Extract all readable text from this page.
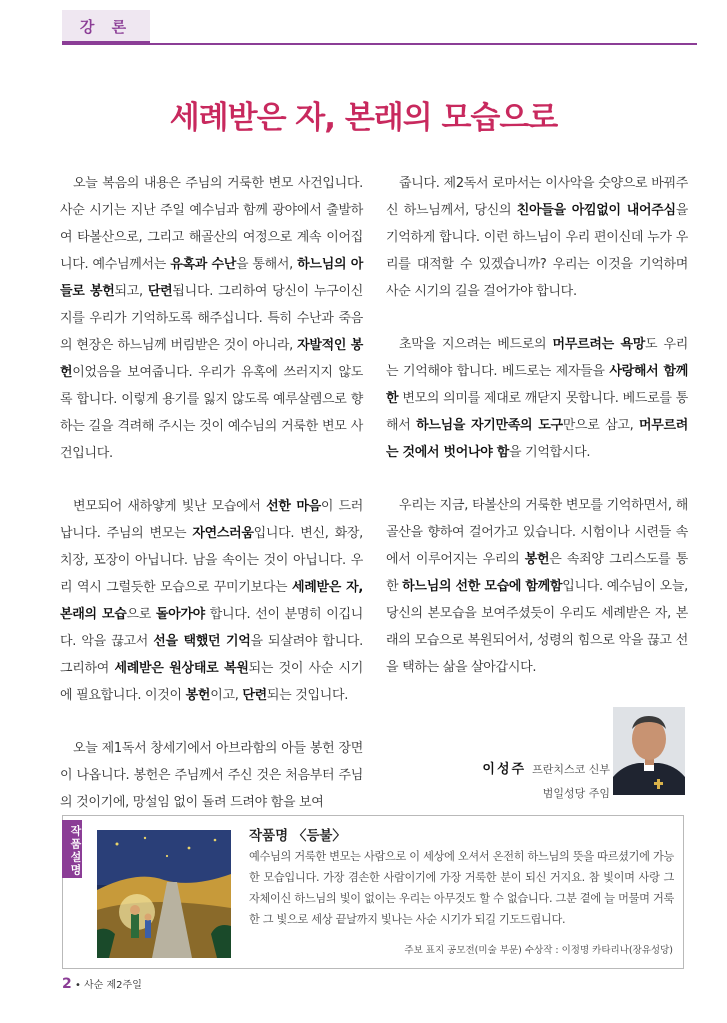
강 론
세례받은 자, 본래의 모습으로

오늘 복음의 내용은 주님의 거룩한 변모 사건입니다. 사순 시기는 지난 주일 예수님과 함께 광야에서 출발하여 타볼산으로, 그리고 해골산의 여정으로 계속 이어집니다. 예수님께서는 유혹과 수난을 통해서, 하느님의 아들로 봉헌되고, 단련됩니다. 그리하여 당신이 누구이신지를 우리가 기억하도록 해주십니다. 특히 수난과 죽음의 현장은 하느님께 버림받은 것이 아니라, 자발적인 봉헌이었음을 보여줍니다. 우리가 유혹에 쓰러지지 않도록 합니다. 이렇게 용기를 잃지 않도록 예루살렘으로 향하는 길을 격려해 주시는 것이 예수님의 거룩한 변모 사건입니다.

변모되어 새하얗게 빛난 모습에서 선한 마음이 드러납니다. 주님의 변모는 자연스러움입니다. 변신, 화장, 치장, 포장이 아닙니다. 남을 속이는 것이 아닙니다. 우리 역시 그럴듯한 모습으로 꾸미기보다는 세례받은 자, 본래의 모습으로 돌아가야 합니다. 선이 분명히 이깁니다. 악을 끊고서 선을 택했던 기억을 되살려야 합니다. 그리하여 세례받은 원상태로 복원되는 것이 사순 시기에 필요합니다. 이것이 봉헌이고, 단련되는 것입니다.

오늘 제1독서 창세기에서 아브라함의 아들 봉헌 장면이 나옵니다. 봉헌은 주님께서 주신 것은 처음부터 주님의 것이기에, 망설임 없이 돌려 드려야 함을 보여

줍니다. 제2독서 로마서는 이사악을 숫양으로 바꿔주신 하느님께서, 당신의 친아들을 아낌없이 내어주심을 기억하게 합니다. 이런 하느님이 우리 편이신데 누가 우리를 대적할 수 있겠습니까? 우리는 이것을 기억하며 사순 시기의 길을 걸어가야 합니다.

초막을 지으려는 베드로의 머무르려는 욕망도 우리는 기억해야 합니다. 베드로는 제자들을 사랑해서 함께한 변모의 의미를 제대로 깨닫지 못합니다. 베드로를 통해서 하느님을 자기만족의 도구만으로 삼고, 머무르려는 것에서 벗어나야 함을 기억합시다.

우리는 지금, 타볼산의 거룩한 변모를 기억하면서, 해골산을 향하여 걸어가고 있습니다. 시험이나 시련들 속에서 이루어지는 우리의 봉헌은 속죄양 그리스도를 통한 하느님의 선한 모습에 함께함입니다. 예수님이 오늘, 당신의 본모습을 보여주셨듯이 우리도 세례받은 자, 본래의 모습으로 복원되어서, 성령의 힘으로 악을 끊고 선을 택하는 삶을 살아갑시다.

이성주 프란치스코 신부
범일성당 주임
작품설명	작품명 〈등불〉
예수님의 거룩한 변모는 사람으로 이 세상에 오셔서 온전히 하느님의 뜻을 따르셨기에 가능한 모습입니다. 가장 겸손한 사람이기에 가장 거룩한 분이 되신 거지요. 참 빛이며 사랑 그 자체이신 하느님의 빛이 없이는 우리는 아무것도 할 수 없습니다. 그분 곁에 늘 머물며 거룩한 그 빛으로 세상 끝날까지 빛나는 사순 시기가 되길 기도드립니다.
주보 표지 공모전(미술 부문) 수상작 : 이정명 카타리나(장유성당)
2 • 사순 제2주일
